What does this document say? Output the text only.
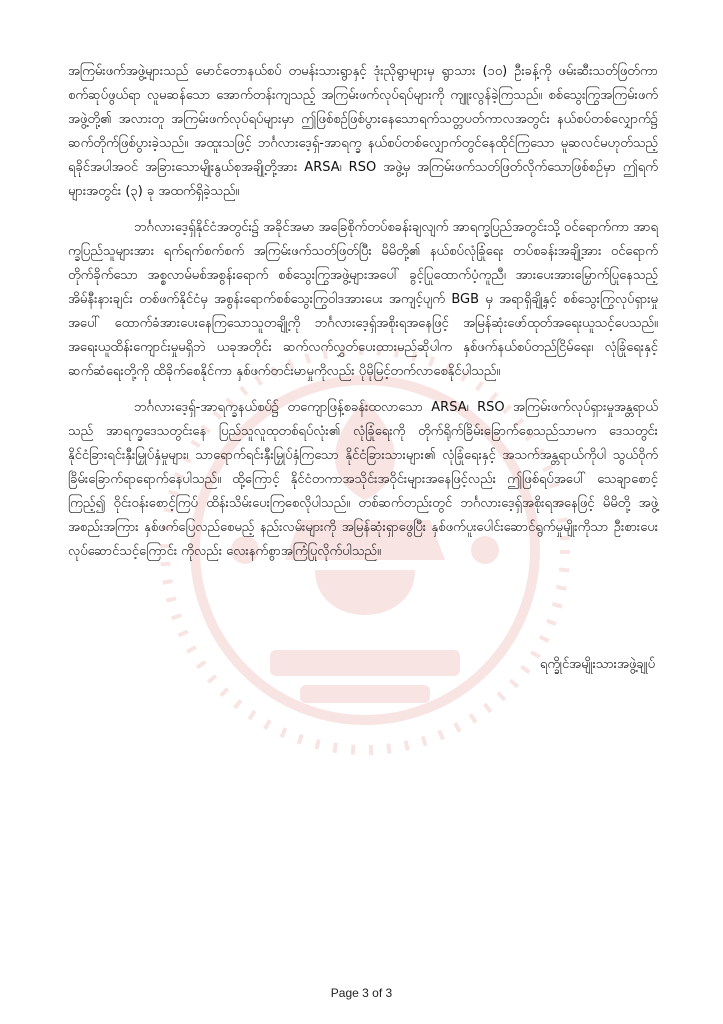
အကြမ်းဖက်အဖွဲ့များသည် မောင်တောနယ်စပ် တမန်းသားရွာနှင့် ဒုံးညိုရွာများမှ ရွာသား (၁၀) ဦးခန့်ကို ဖမ်းဆီးသတ်ဖြတ်ကာ စက်ဆုပ်ဖွယ်ရာ လူမဆန်သော အောက်တန်းကျသည့် အကြမ်းဖက်လုပ်ရပ်များကို ကျူးလွန်ခဲ့ကြသည်။ စစ်သွေးကြွအကြမ်းဖက်အဖွဲ့တို့၏ အလားတူ အကြမ်းဖက်လုပ်ရပ်များမှာ ဤဖြစ်စဉ်ဖြစ်ပွားနေသောရက်သတ္တပတ်ကာလအတွင်း နယ်စပ်တစ်လျှောက်၌ ဆက်တိုက်ဖြစ်ပွားခဲ့သည်။ အထူးသဖြင့် ဘင်္ဂလားဒေ့ရှ်-အာရက္ခ နယ်စပ်တစ်လျှောက်တွင်နေထိုင်ကြသော မူဆလင်မဟုတ်သည့် ရခိုင်အပါအဝင် အခြားသောမျိုးနွယ်စုအချို့တို့အား ARSA၊ RSO အဖွဲ့မှ အကြမ်းဖက်သတ်ဖြတ်လိုက်သောဖြစ်စဉ်မှာ ဤရက်များအတွင်း (၃) ခု အထက်ရှိခဲ့သည်။

ဘင်္ဂလားဒေ့ရှ်နိုင်ငံအတွင်း၌ အခိုင်အမာ အခြေစိုက်တပ်စခန်းချလျက် အာရက္ခပြည်အတွင်းသို့ ဝင်ရောက်ကာ အာရက္ခပြည်သူများအား ရက်ရက်စက်စက် အကြမ်းဖက်သတ်ဖြတ်ပြီး မိမိတို့၏ နယ်စပ်လုံခြုံရေး တပ်စခန်းအချို့အား ဝင်ရောက်တိုက်ခိုက်သော အစ္စလာမ်မစ်အစွန်းရောက် စစ်သွေးကြွအဖွဲ့များအပေါ် ခွင့်ပြုထောက်ပံ့ကူညီ၊ အားပေးအားမြှောက်ပြုနေသည့် အိမ်နီးနားချင်း တစ်ဖက်နိုင်ငံမှ အစွန်းရောက်စစ်သွေးကြွဝါဒအားပေး အကျင့်ပျက် BGB မှ အရာရှိချို့နှင့် စစ်သွေးကြွလုပ်ရှားမှုအပေါ် ထောက်ခံအားပေးနေကြသောသူတချို့ကို ဘင်္ဂလားဒေ့ရှ်အစိုးရအနေဖြင့် အမြန်ဆုံးဖော်ထုတ်အရေးယူသင့်ပေသည်။ အရေးယူထိန်းကျောင်းမှုမရှိဘဲ ယခုအတိုင်း ဆက်လက်လွှတ်ပေးထားမည်ဆိုပါက နှစ်ဖက်နယ်စပ်တည်ငြိမ်ရေး၊ လုံခြုံရေးနှင့် ဆက်ဆံရေးတို့ကို ထိခိုက်စေနိုင်ကာ နှစ်ဖက်တင်းမာမှုကိုလည်း ပိုမိုမြင့်တက်လာစေနိုင်ပါသည်။

ဘင်္ဂလားဒေ့ရှ်-အာရက္ခနယ်စပ်၌ တကျောဖြန့်စခန်းထလာသော ARSA၊ RSO အကြမ်းဖက်လုပ်ရှားမှုအန္တရာယ်သည် အာရက္ခဒေသတွင်းနေ ပြည်သူလူထုတစ်ရပ်လုံး၏ လုံခြုံရေးကို တိုက်ရိုက်ခြိမ်းခြောက်စေသည်သာမက ဒေသတွင်း နိုင်ငံခြားရင်းနှီးမြှုပ်နှံမှုများ၊ သာရောက်ရင်းနှီးမြှုပ်နှံကြသော နိုင်ငံခြားသားများ၏ လုံခြုံရေးနှင့် အသက်အန္တရာယ်ကိုပါ သွယ်ဝိုက်ခြိမ်းခြောက်ရာရောက်နေပါသည်။ ထို့ကြောင့် နိုင်ငံတကာအသိုင်းအဝိုင်းများအနေဖြင့်လည်း ဤဖြစ်ရပ်အပေါ် သေချာစောင့်ကြည့်၍ ဝိုင်းဝန်းစောင့်ကြပ် ထိန်းသိမ်းပေးကြစေလိုပါသည်။ တစ်ဆက်တည်းတွင် ဘင်္ဂလားဒေ့ရှ်အစိုးရအနေဖြင့် မိမိတို့ အဖွဲ့အစည်းအကြား နှစ်ဖက်ပြေလည်စေမည့် နည်းလမ်းများကို အမြန်ဆုံးရှာဖွေပြီး နှစ်ဖက်ပူးပေါင်းဆောင်ရွက်မှုမျိုးကိုသာ ဦးစားပေးလုပ်ဆောင်သင့်ကြောင်း ကိုလည်း လေးနက်စွာအကြံပြုလိုက်ပါသည်။

ရက္ခိုင်အမျိုးသားအဖွဲ့ချုပ်
Page 3 of 3
